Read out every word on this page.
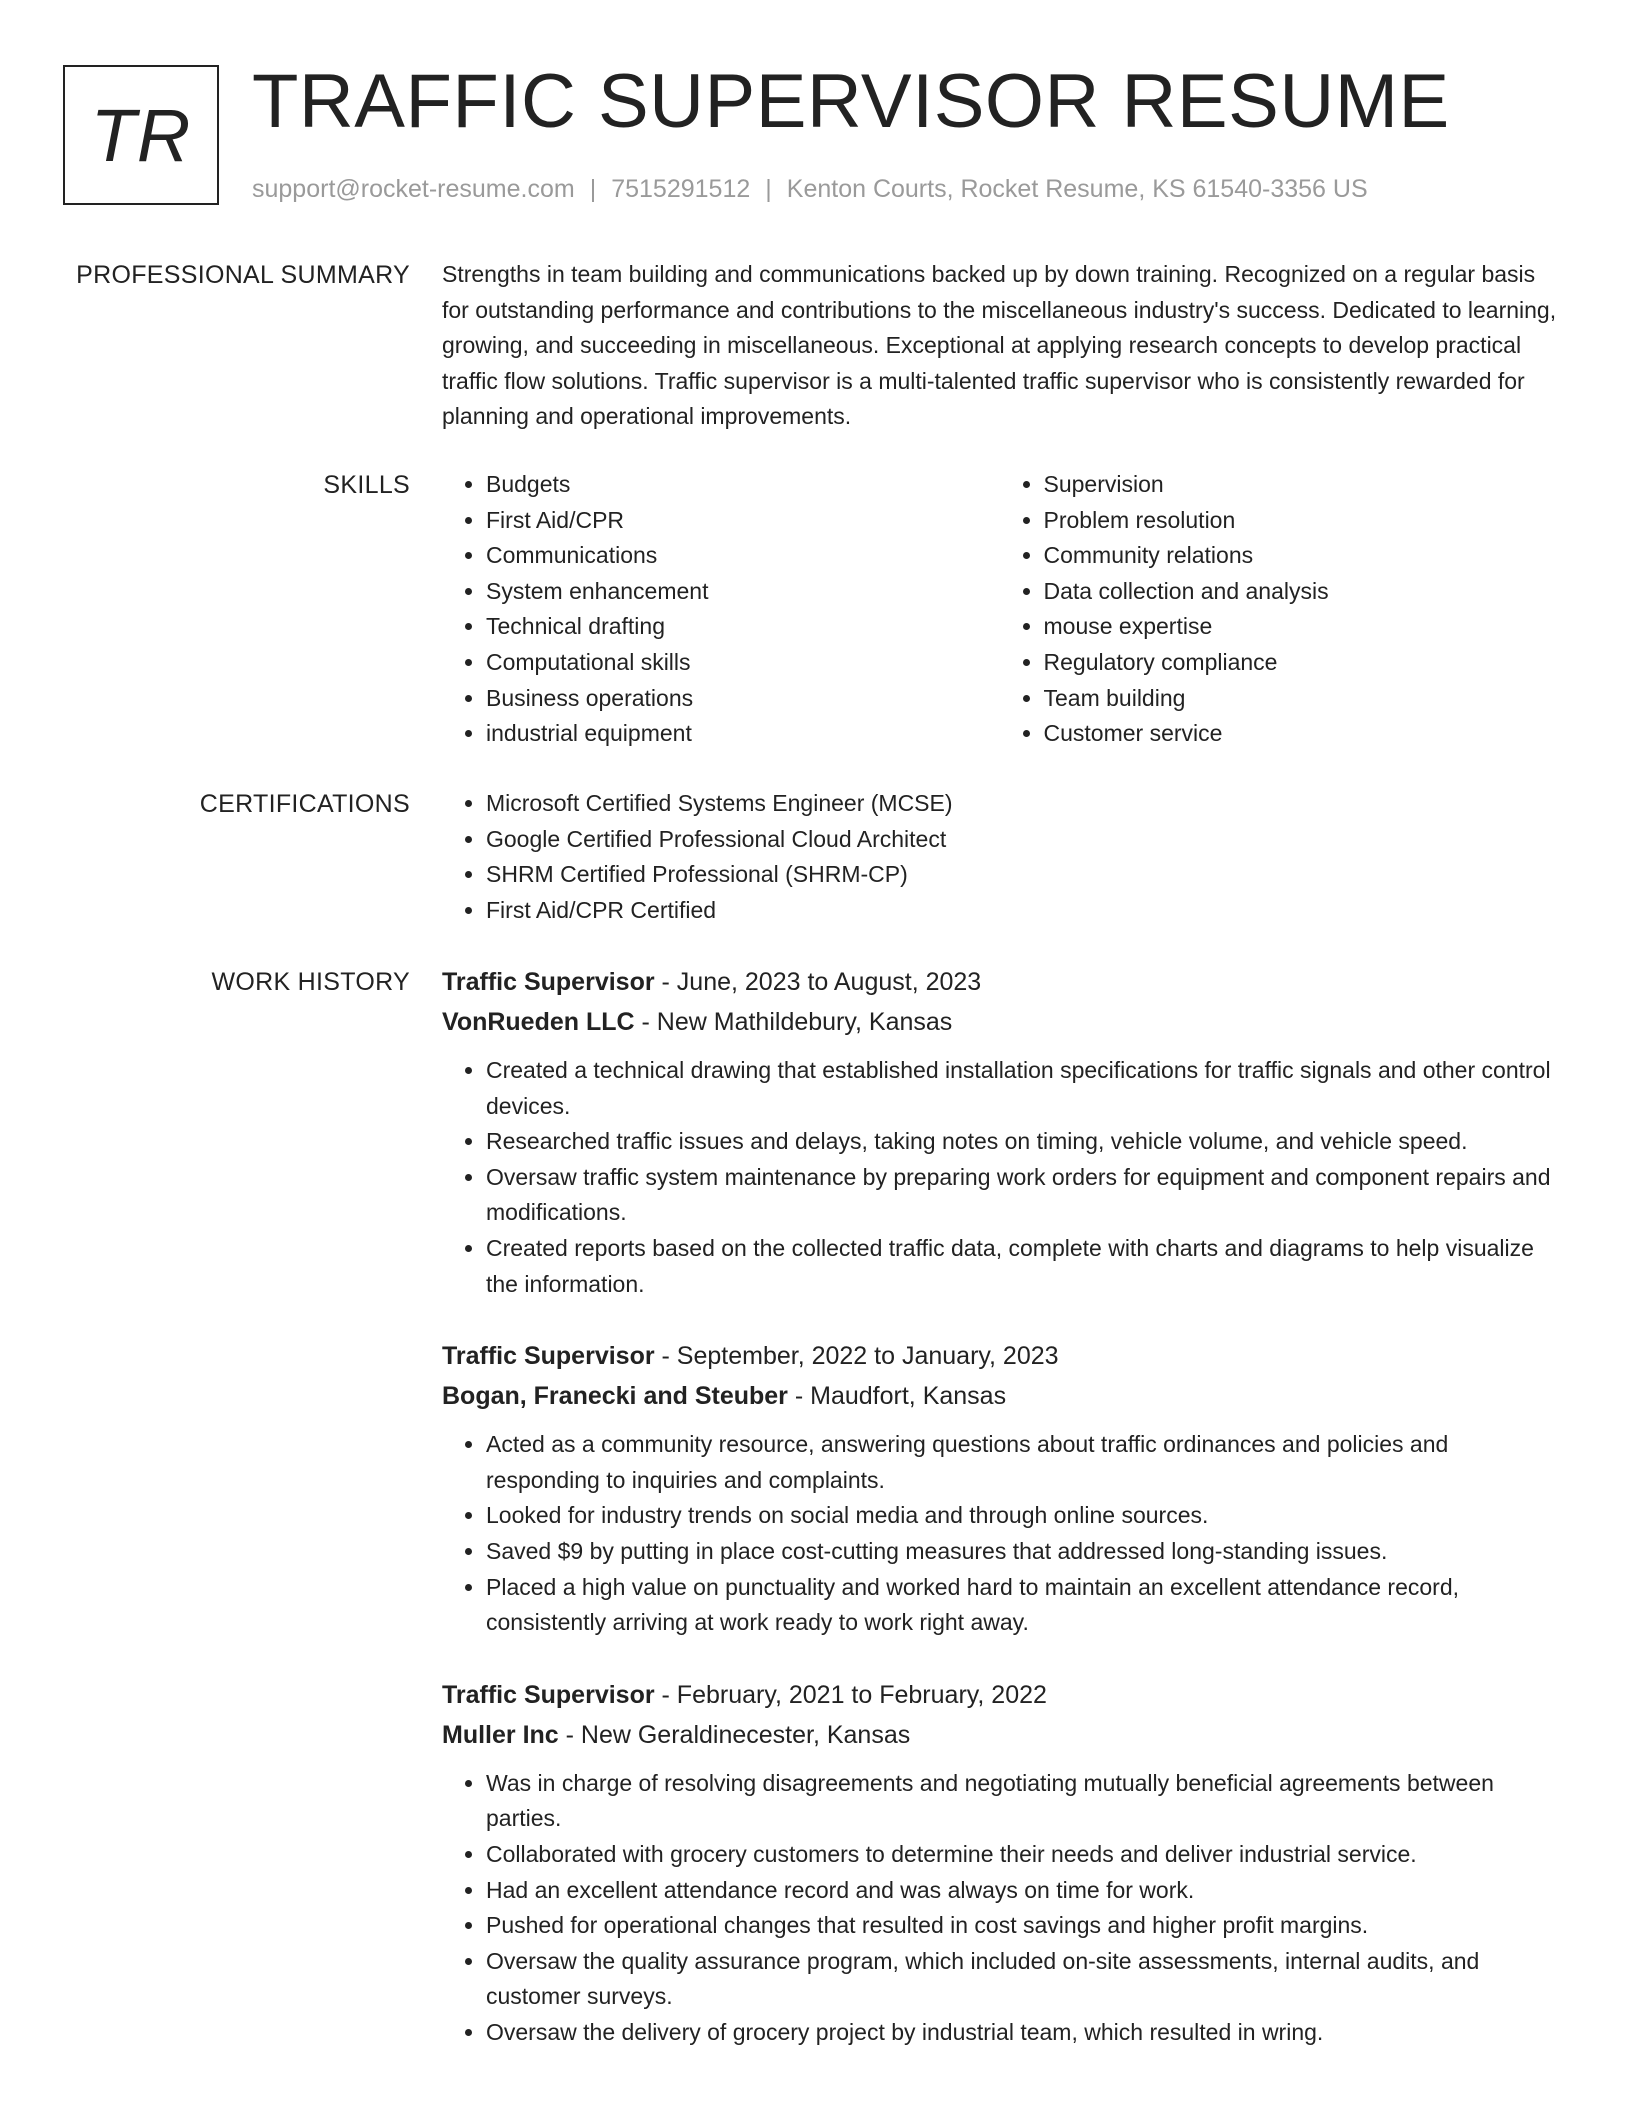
TR TRAFFIC SUPERVISOR RESUME
support@rocket-resume.com | 7515291512 | Kenton Courts, Rocket Resume, KS 61540-3356 US
PROFESSIONAL SUMMARY Strengths in team building and communications backed up by down training. Recognized on a regular basis for outstanding performance and contributions to the miscellaneous industry's success. Dedicated to learning, growing, and succeeding in miscellaneous. Exceptional at applying research concepts to develop practical traffic flow solutions. Traffic supervisor is a multi-talented traffic supervisor who is consistently rewarded for planning and operational improvements.
SKILLS	• Budgets
• First Aid/CPR
• Communications
• System enhancement
• Technical drafting
• Computational skills
• Business operations
• industrial equipment
• Supervision
• Problem resolution
• Community relations
• Data collection and analysis
• mouse expertise
• Regulatory compliance
• Team building
• Customer service
CERTIFICATIONS	• Microsoft Certified Systems Engineer (MCSE)
• Google Certified Professional Cloud Architect
• SHRM Certified Professional (SHRM-CP)
• First Aid/CPR Certified
WORK HISTORY Traffic Supervisor - June, 2023 to August, 2023
VonRueden LLC - New Mathildebury, Kansas
• Created a technical drawing that established installation specifications for traffic signals and other control devices.
• Researched traffic issues and delays, taking notes on timing, vehicle volume, and vehicle speed.
• Oversaw traffic system maintenance by preparing work orders for equipment and component repairs and modifications.
• Created reports based on the collected traffic data, complete with charts and diagrams to help visualize the information.
Traffic Supervisor - September, 2022 to January, 2023
Bogan, Franecki and Steuber - Maudfort, Kansas
• Acted as a community resource, answering questions about traffic ordinances and policies and responding to inquiries and complaints.
• Looked for industry trends on social media and through online sources.
• Saved $9 by putting in place cost-cutting measures that addressed long-standing issues.
• Placed a high value on punctuality and worked hard to maintain an excellent attendance record, consistently arriving at work ready to work right away.
Traffic Supervisor - February, 2021 to February, 2022
Muller Inc - New Geraldinecester, Kansas
• Was in charge of resolving disagreements and negotiating mutually beneficial agreements between parties.
• Collaborated with grocery customers to determine their needs and deliver industrial service.
• Had an excellent attendance record and was always on time for work.
• Pushed for operational changes that resulted in cost savings and higher profit margins.
• Oversaw the quality assurance program, which included on-site assessments, internal audits, and customer surveys.
• Oversaw the delivery of grocery project by industrial team, which resulted in wring.
